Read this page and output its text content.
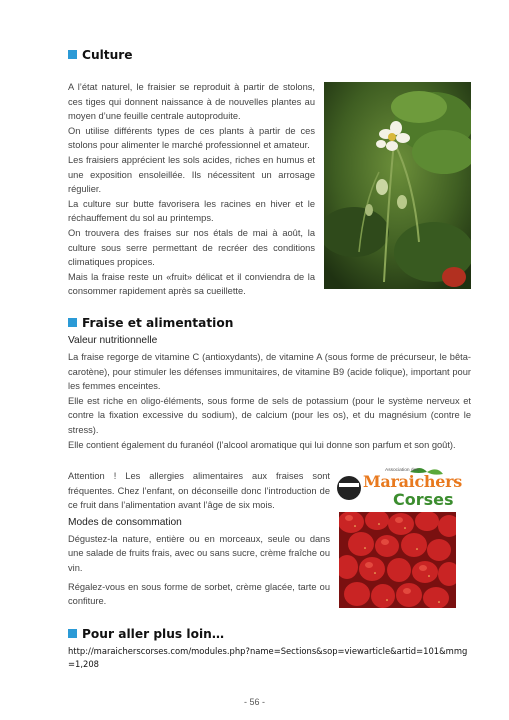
Culture

A l’état naturel, le fraisier se reproduit à partir de stolons, ces tiges qui donnent naissance à de nouvelles plantes au moyen d’une feuille centrale autoproduite.

On utilise différents types de ces plants à partir de ces stolons pour alimenter le marché professionnel et amateur.

Les fraisiers apprécient les sols acides, riches en humus et une exposition ensoleillée. Ils nécessitent un arrosage régulier.

La culture sur butte favorisera les racines en hiver et le réchauffement du sol au printemps.

On trouvera des fraises sur nos étals de mai à août, la culture sous serre permettant de recréer des conditions climatiques propices.

Mais la fraise reste un «fruit» délicat et il conviendra de la consommer rapidement après sa cueillette.

Fraise et alimentation
Valeur nutritionnelle

La fraise regorge de vitamine C (antioxydants), de vitamine A (sous forme de précurseur, le bêta-carotène), pour stimuler les défenses immunitaires, de vitamine B9 (acide folique), important pour les femmes enceintes.

Elle est riche en oligo-éléments, sous forme de sels de potassium (pour le système nerveux et contre la fixation excessive du sodium), de calcium (pour les os), et du magnésium (contre le stress).

Elle contient également du furanéol (l’alcool aromatique qui lui donne son parfum et son goût).

Attention ! Les allergies alimentaires aux fraises sont fréquentes. Chez l’enfant, on déconseille donc l’introduction de ce fruit dans l’alimentation avant l’âge de six mois.

Modes de consommation

Dégustez-la nature, entière ou en morceaux, seule ou dans une salade de fruits frais, avec ou sans sucre, crème fraîche ou vin.

Régalez-vous en sous forme de sorbet, crème glacée, tarte ou confiture.

Association des
Maraichers
Corses
Pour aller plus loin…
http://maraicherscorses.com/modules.php?name=Sections&sop=viewarticle&artid=101&mmg=1,208
- 56 -
